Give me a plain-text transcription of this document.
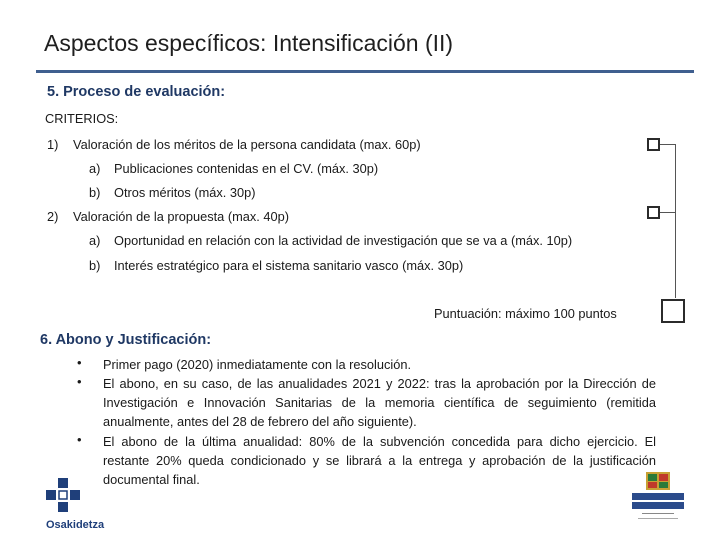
Aspectos específicos: Intensificación (II)
5. Proceso de evaluación:
CRITERIOS:
1) Valoración de los méritos de la persona candidata (max. 60p)
a) Publicaciones contenidas en el CV. (máx. 30p)
b) Otros méritos (máx. 30p)
2) Valoración de la propuesta (max. 40p)
a) Oportunidad en relación con la actividad de investigación que se va a (máx. 10p)
b) Interés estratégico para el sistema sanitario vasco (máx. 30p)
Puntuación: máximo 100 puntos
6. Abono y Justificación:
• Primer pago (2020) inmediatamente con la resolución.
• El abono, en su caso, de las anualidades 2021 y 2022: tras la aprobación por la Dirección de Investigación e Innovación Sanitarias de la memoria científica de seguimiento (remitida anualmente, antes del 28 de febrero del año siguiente).
• El abono de la última anualidad: 80% de la subvención concedida para dicho ejercicio. El restante 20% queda condicionado y se librará a la entrega y aprobación de la justificación documental final.
Osakidetza
